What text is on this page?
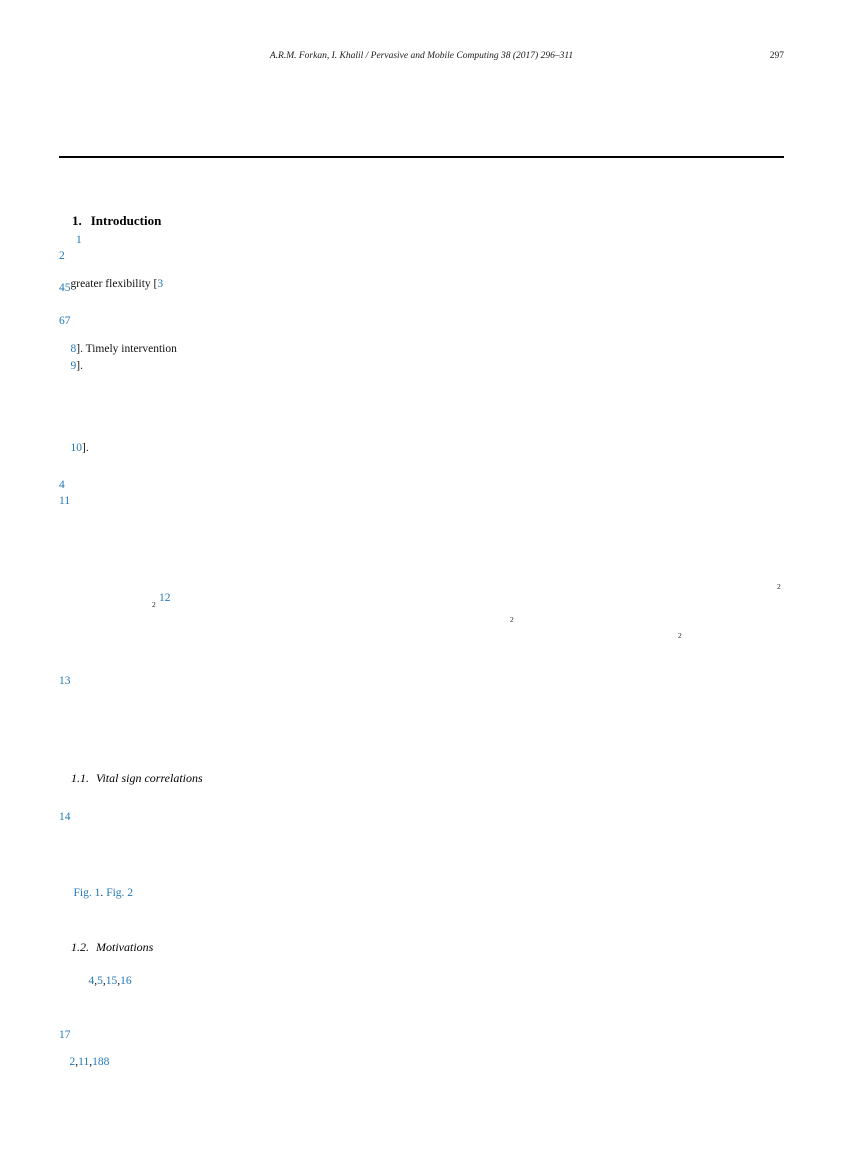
A.R.M. Forkan, I. Khalil / Pervasive and Mobile Computing 38 (2017) 296–311	297

1. Introduction

1
2

greater flexibility [3

45
67

8]. Timely intervention

9].

10].

4
11
2
12
2
2
2
13

1.1. Vital sign correlations

14

Fig. 1. Fig. 2

1.2. Motivations

4,5,15,16

17

2,11,188
